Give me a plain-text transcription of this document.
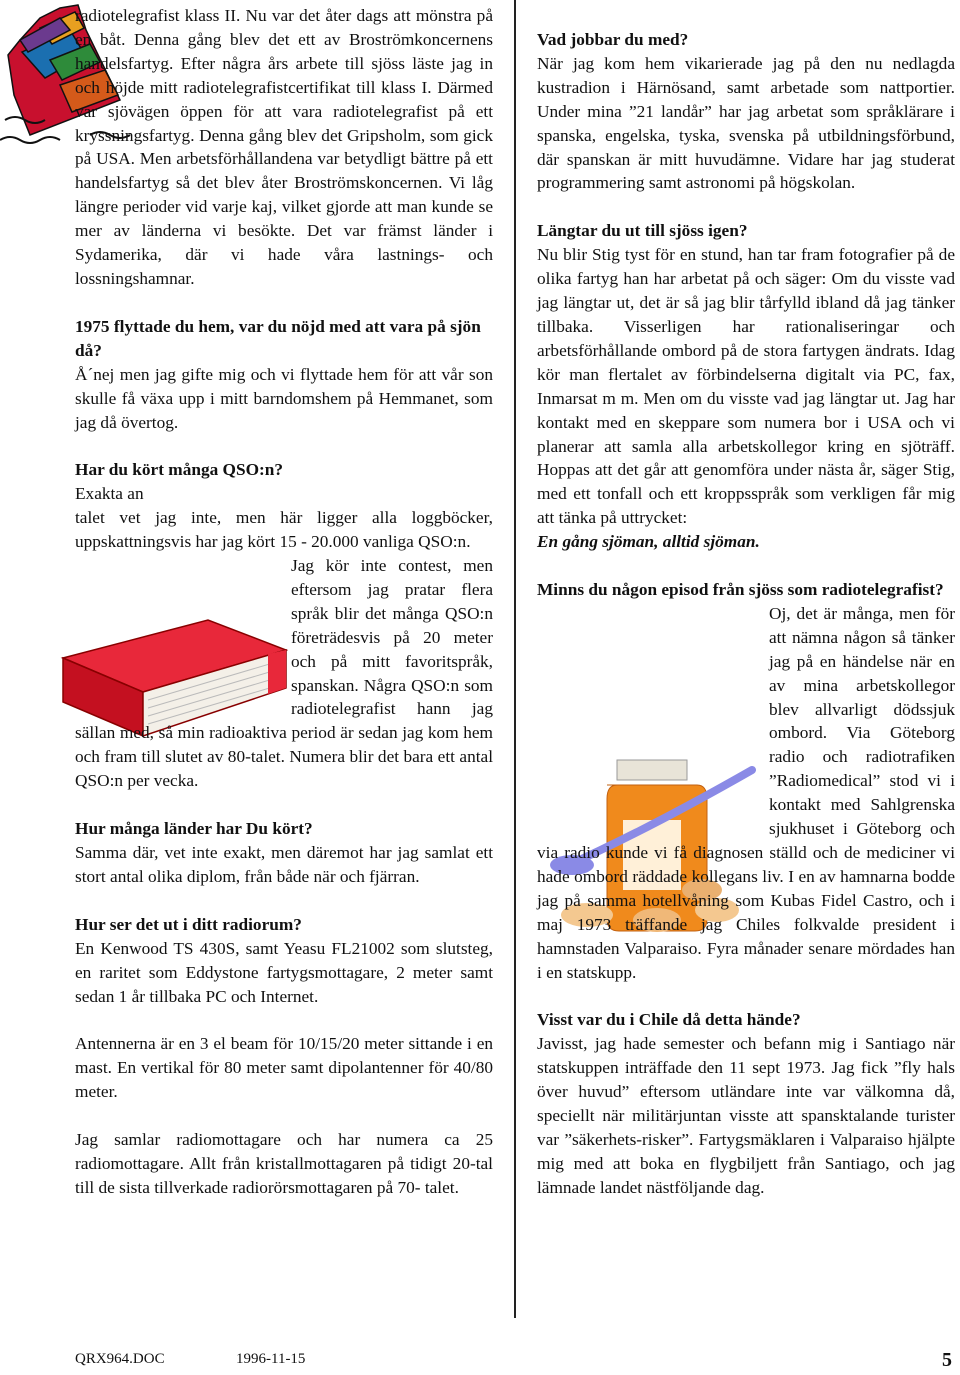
radiotelegrafist klass II. Nu var det åter dags att mönstra på en båt. Denna gång blev det ett av Broströmkoncernens handelsfartyg. Efter några års arbete till sjöss läste jag in och höjde mitt radiotelegrafistcertifikat till klass I. Därmed var sjövägen öppen för att vara radiotelegrafist på ett kryssningsfartyg. Denna gång blev det Gripsholm, som gick på USA. Men arbetsförhållandena var betydligt bättre på ett handelsfartyg så det blev åter Broströmskoncernen. Vi låg längre perioder vid varje kaj, vilket gjorde att man kunde se mer av länderna vi besökte. Det var främst länder i Sydamerika, där vi hade våra lastnings- och lossningshamnar.

1975 flyttade du hem, var du nöjd med att vara på sjön då?

Å´nej men jag gifte mig och vi flyttade hem för att vår son skulle få växa upp i mitt barndomshem på Hemmanet, som jag då övertog.

Har du kört många QSO:n?

Exakta an

talet vet jag inte, men här ligger alla loggböcker, uppskattningsvis har jag kört 15 - 20.000 vanliga QSO:n.

Jag kör inte contest, men eftersom jag pratar flera språk blir det många QSO:n företrädesvis på 20 meter och på mitt favoritspråk, spanskan. Några QSO:n som radiotelegrafist hann jag sällan med, så min radioaktiva period är sedan jag kom hem och fram till slutet av 80-talet. Numera blir det bara ett antal QSO:n per vecka.

Hur många länder har Du kört?

Samma där, vet inte exakt, men däremot har jag samlat ett stort antal olika diplom, från både när och fjärran.

Hur ser det ut i ditt radiorum?

En Kenwood TS 430S, samt Yeasu FL21002 som slutsteg, en raritet som Eddystone fartygsmottagare, 2 meter samt sedan 1 år tillbaka PC och Internet.

Antennerna är en 3 el beam för 10/15/20 meter sittande i en mast. En vertikal för 80 meter samt dipolantenner för 40/80 meter.

Jag samlar radiomottagare och har numera ca 25 radiomottagare. Allt från kristallmottagaren på tidigt 20-tal till de sista tillverkade radiorörsmottagaren på 70- talet.

Vad jobbar du med?

När jag kom hem vikarierade jag på den nu nedlagda kustradion i Härnösand, samt arbetade som nattportier. Under mina ”21 landår” har jag arbetat som språklärare i spanska, engelska, tyska, svenska på utbildningsförbund, där spanskan är mitt huvudämne. Vidare har jag studerat programmering samt astronomi på högskolan.

Längtar du ut till sjöss igen?

Nu blir Stig tyst för en stund, han tar fram fotografier på de olika fartyg han har arbetat på och säger: Om du visste vad jag längtar ut, det är så jag blir tårfylld ibland då jag tänker tillbaka. Visserligen har rationaliseringar och arbetsförhållande ombord på de stora fartygen ändrats. Idag kör man flertalet av förbindelserna digitalt via PC, fax, Inmarsat m m. Men om du visste vad jag längtar ut. Jag har kontakt med en skeppare som numera bor i USA och vi planerar att samla alla arbetskollegor kring en sjöträff. Hoppas att det går att genomföra under nästa år, säger Stig, med ett tonfall och ett kroppsspråk som verkligen får mig att tänka på uttrycket:

En gång sjöman, alltid sjöman.

Minns du någon episod från sjöss som radiotelegrafist?

Oj, det är många, men för att nämna någon så tänker jag på en händelse när en av mina arbetskollegor blev allvarligt dödssjuk ombord. Via Göteborg radio och radiotrafiken ”Radiomedical” stod vi i kontakt med Sahlgrenska sjukhuset i Göteborg och via radio kunde vi få diagnosen ställd och de mediciner vi hade ombord räddade kollegans liv. I en av hamnarna bodde jag på samma hotellvåning som Kubas Fidel Castro, och i maj 1973 träffande jag Chiles folkvalde president i hamnstaden Valparaiso. Fyra månader senare mördades han i en statskupp.

Visst var du i Chile då detta hände?

Javisst, jag hade semester och befann mig i Santiago när statskuppen inträffade den 11 sept 1973. Jag fick ”fly hals över huvud” eftersom utländare inte var välkomna då, speciellt när militärjuntan visste att spansktalande turister var ”säkerhets-risker”. Fartygsmäklaren i Valparaiso hjälpte mig med att boka en flygbiljett från Santiago, och jag lämnade landet nästföljande dag.

QRX964.DOC	1996-11-15	5
